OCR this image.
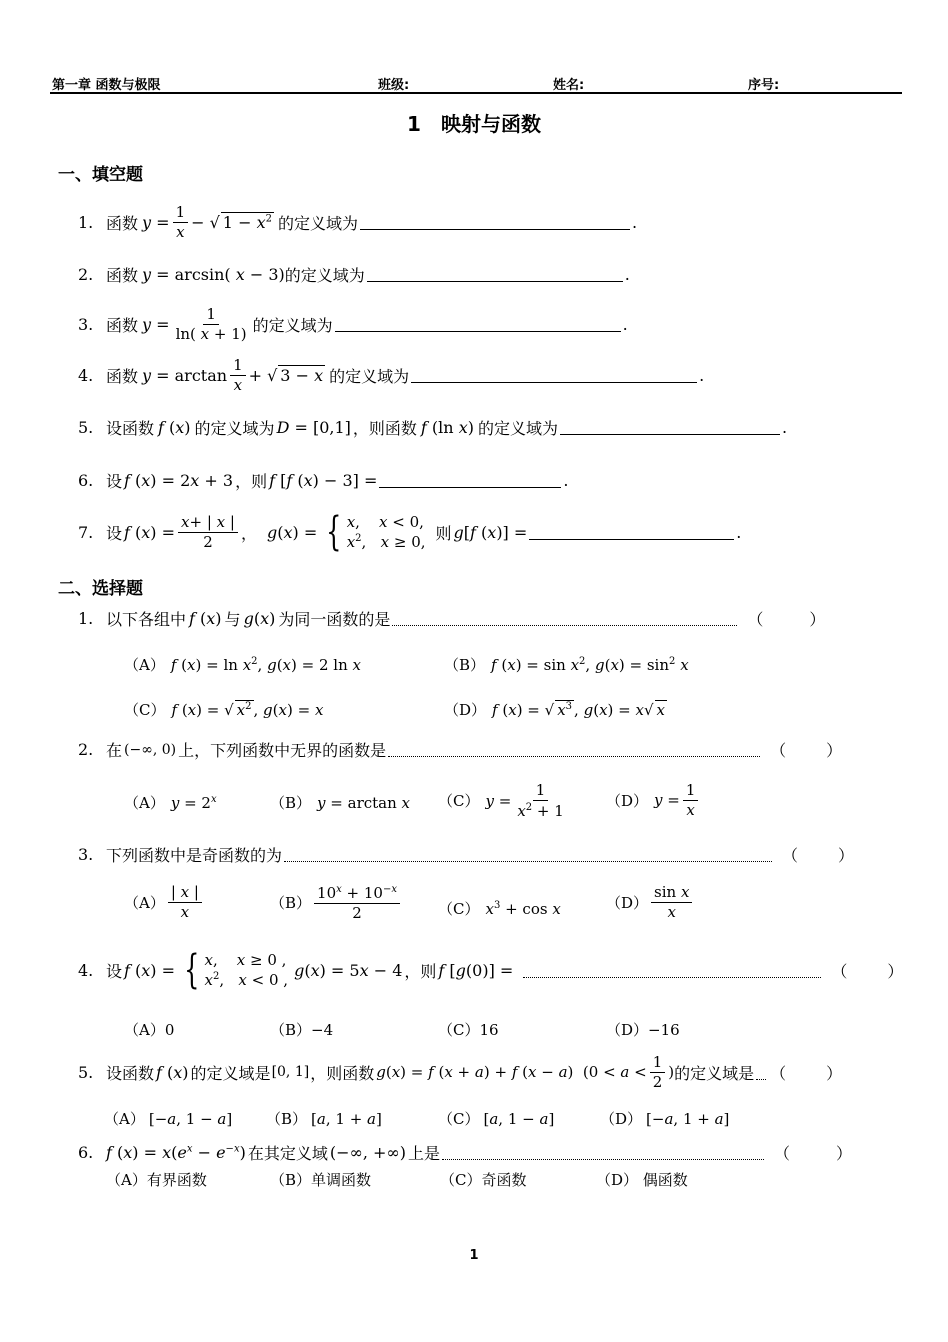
第一章 函数与极限	班级:	姓名:	序号:
1　映射与函数
一、填空题
1. 函数 $y = \frac{1}{x}$ − √ $1 - x^2$ 的定义域为	.
2. 函数 y = arcsin( x − 3) 的定义域为	.
3. 函数 $y = \frac{1}{\ln( x + 1)}$ 的定义域为	.
4. 函数 $y = \arctan \frac{1}{x}$ + √ 3 − x 的定义域为	.
5. 设函数 f (x) 的定义域为 D = [0,1] ，则函数 f (ln x) 的定义域为	.
6. 设 f (x) = 2x + 3 ，则 f [f (x) − 3] =	.
7. 设 f $(x) = \frac{x+ | x |}{2}$ ， g(x) = { x,    x < 0,
$x^2$,   x ≥ 0, 则 g[f (x)] =	.
二、选择题
1. 以下各组中 f (x) 与 g(x) 为同一函数的是	（	）
（A） f $(x) = \ln x^2$, g(x) = 2 ln x	（B） f $(x) = \sin x^2$, $g(x) = \sin^2 x$
（C） f (x) = √ $x^2$ , g(x) = x	（D） f (x) = √ $x^3$ , g(x) = x√ x
2. 在 (−∞, 0) 上，下列函数中无界的函数是	（	）
（A） $y = 2^x$	（B） y = arctan x （C） $y = \frac{1}{x^2 + 1}$	（D） $y = \frac{1}{x}$
3. 下列函数中是奇函数的为	（	）
$(A) \frac{| x |}{x}$	$(B) \frac{10^x + 10^{-x}}{2}$	（C） $x^3 + \cos x$	$(D) \frac{\text{sin x}}{x}$
4. 设 f (x) = { x,    x ≥ 0 ,
$x^2$,   x < 0 ,
g(x) = 5x − 4 ，则 f [g(0)] =	（	）
（A）0	（B）−4	（C）16	（D）−16
5. 设函数 f (x) 的定义域是 [0, 1] ，则函数 g(x) = f (x + a) + f (x − a)  ($0 < a < \frac{1}{2}$ ) 的定义域是 （	）
（A） [−a, 1 − a] （B） [a, 1 + a]	（C） [a, 1 − a]	（D） [−a, 1 + a]
6. f $(x) = x(e^x - e^{-x})$ 在其定义域 (−∞, +∞) 上是	（	）
（A）有界函数	（B）单调函数	（C）奇函数	（D） 偶函数
1
